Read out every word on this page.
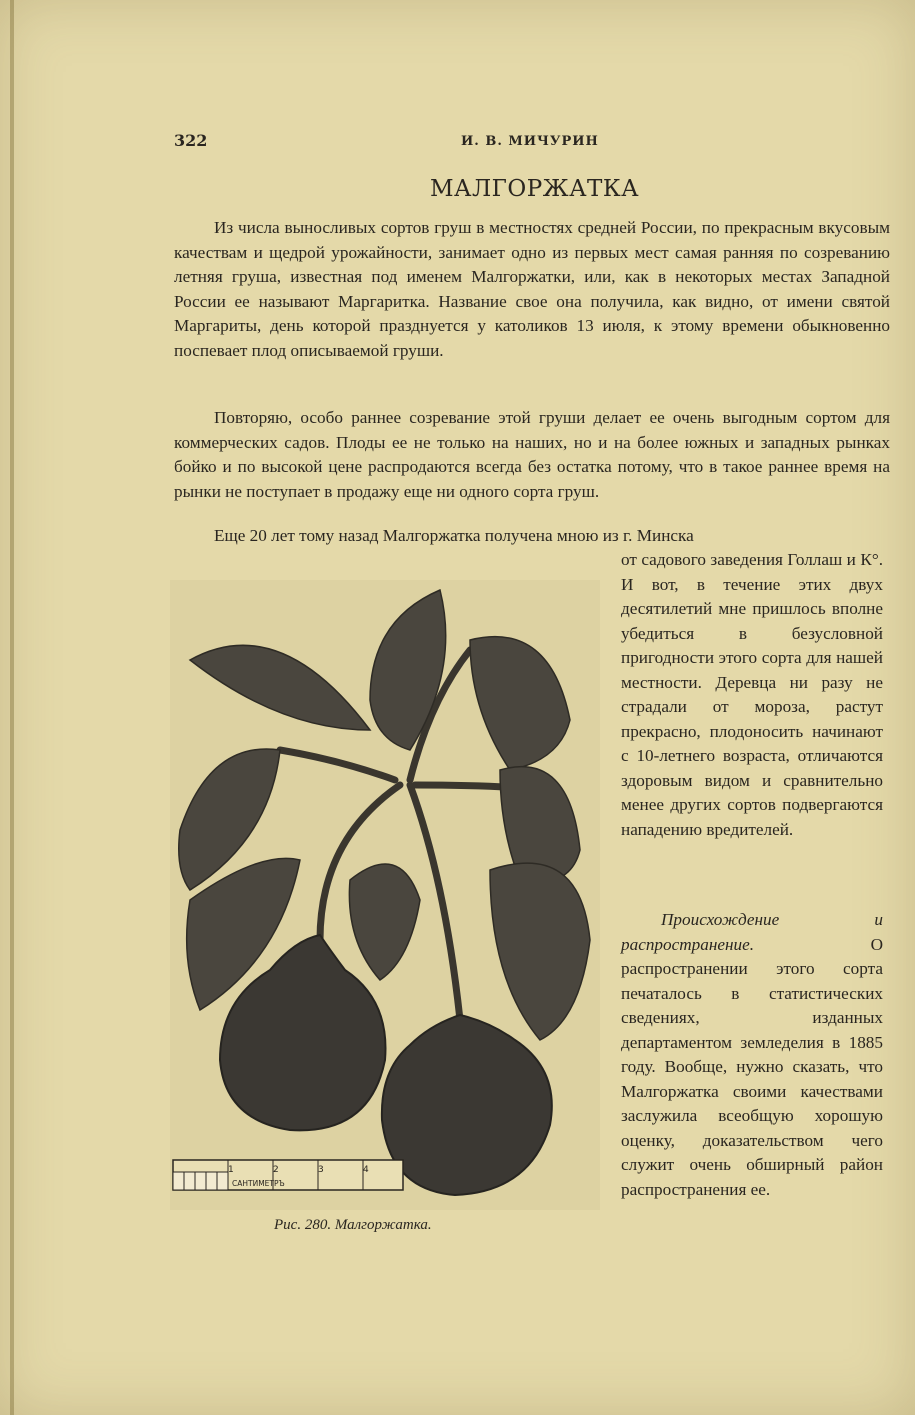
322	И. В. МИЧУРИН
МАЛГОРЖАТКА

Из числа выносливых сортов груш в местностях средней России, по прекрасным вкусовым качествам и щедрой урожайности, занимает одно из первых мест самая ранняя по созреванию летняя груша, известная под именем Малгоржатки, или, как в некоторых местах Западной России ее называют Маргаритка. Название свое она получила, как видно, от имени святой Маргариты, день которой празднуется у католиков 13 июля, к этому времени обыкновенно поспевает плод описываемой груши.

Повторяю, особо раннее созревание этой груши делает ее очень выгодным сортом для коммерческих садов. Плоды ее не только на наших, но и на более южных и западных рынках бойко и по высокой цене распродаются всегда без остатка потому, что в такое раннее время на рынки не поступает в продажу еще ни одного сорта груш.

Еще 20 лет тому назад Малгоржатка получена мною из г. Минска

от садового заведения Голлаш и К°. И вот, в течение этих двух десятилетий мне пришлось вполне убедиться в безусловной пригодности этого сорта для нашей местности. Деревца ни разу не страдали от мороза, растут прекрасно, плодоносить начинают с 10-летнего возраста, отличаются здоровым видом и сравнительно менее других сортов подвергаются нападению вредителей.

Происхождение и распространение. О распространении этого сорта печаталось в статистических сведениях, изданных департаментом земледелия в 1885 году. Вообще, нужно сказать, что Малгоржатка своими качествами заслужила всеобщую хорошую оценку, доказательством чего служит очень обширный район распространения ее.

1	2	3	4
САНТИМЕТРЪ
Рис. 280. Малгоржатка.
